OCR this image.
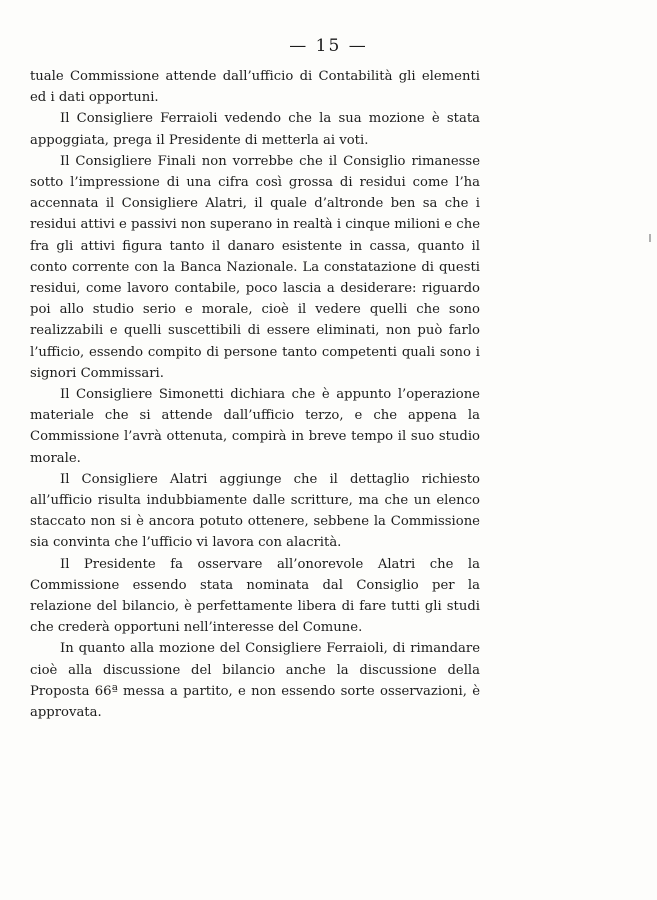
— 15 —

tuale Commissione attende dall’ufficio di Contabilità gli elementi ed i dati opportuni.

Il Consigliere Ferraioli vedendo che la sua mozione è stata appoggiata, prega il Presidente di metterla ai voti.

Il Consigliere Finali non vorrebbe che il Consiglio rimanesse sotto l’impressione di una cifra così grossa di residui come l’ha accennata il Consigliere Alatri, il quale d’altronde ben sa che i residui attivi e passivi non superano in realtà i cinque milioni e che fra gli attivi figura tanto il danaro esistente in cassa, quanto il conto corrente con la Banca Nazionale. La constatazione di questi residui, come lavoro contabile, poco lascia a desiderare: riguardo poi allo studio serio e morale, cioè il vedere quelli che sono realizzabili e quelli suscettibili di essere eliminati, non può farlo l’ufficio, essendo compito di persone tanto competenti quali sono i signori Commissari.

Il Consigliere Simonetti dichiara che è appunto l’operazione materiale che si attende dall’ufficio terzo, e che appena la Commissione l’avrà ottenuta, compirà in breve tempo il suo studio morale.

Il Consigliere Alatri aggiunge che il dettaglio richiesto all’ufficio risulta indubbiamente dalle scritture, ma che un elenco staccato non si è ancora potuto ottenere, sebbene la Commissione sia convinta che l’ufficio vi lavora con alacrità.

Il Presidente fa osservare all’onorevole Alatri che la Commissione essendo stata nominata dal Consiglio per la relazione del bilancio, è perfettamente libera di fare tutti gli studi che crederà opportuni nell’interesse del Comune.

In quanto alla mozione del Consigliere Ferraioli, di rimandare cioè alla discussione del bilancio anche la discussione della Proposta 66ª messa a partito, e non essendo sorte osservazioni, è approvata.
